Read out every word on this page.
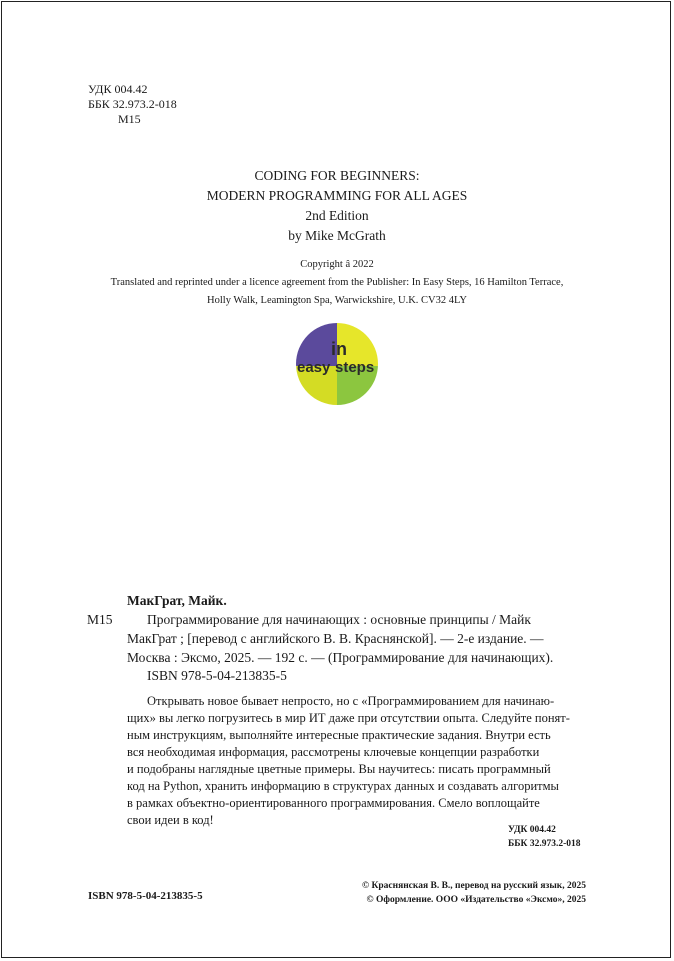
УДК 004.42
ББК 32.973.2-018
М15
CODING FOR BEGINNERS:
MODERN PROGRAMMING FOR ALL AGES
2nd Edition
by Mike McGrath
Copyright â 2022
Translated and reprinted under a licence agreement from the Publisher: In Easy Steps, 16 Hamilton Terrace,
Holly Walk, Leamington Spa, Warwickshire, U.K. CV32 4LY
in
easy steps
МакГрат, Майк.
М15	Программирование для начинающих : основные принципы / Майк
МакГрат ; [перевод с английского В. В. Краснянской]. — 2-е издание. —
Москва : Эксмо, 2025. — 192 с. — (Программирование для начинающих).
ISBN 978-5-04-213835-5
Открывать новое бывает непросто, но с «Программированием для начинаю-
щих» вы легко погрузитесь в мир ИТ даже при отсутствии опыта. Следуйте понят-
ным инструкциям, выполняйте интересные практические задания. Внутри есть
вся необходимая информация, рассмотрены ключевые концепции разработки
и подобраны наглядные цветные примеры. Вы научитесь: писать программный
код на Python, хранить информацию в структурах данных и создавать алгоритмы
в рамках объектно-ориентированного программирования. Смело воплощайте
свои идеи в код!
УДК 004.42
ББК 32.973.2-018
ISBN 978-5-04-213835-5
© Краснянская В. В., перевод на русский язык, 2025
© Оформление. ООО «Издательство «Эксмо», 2025
